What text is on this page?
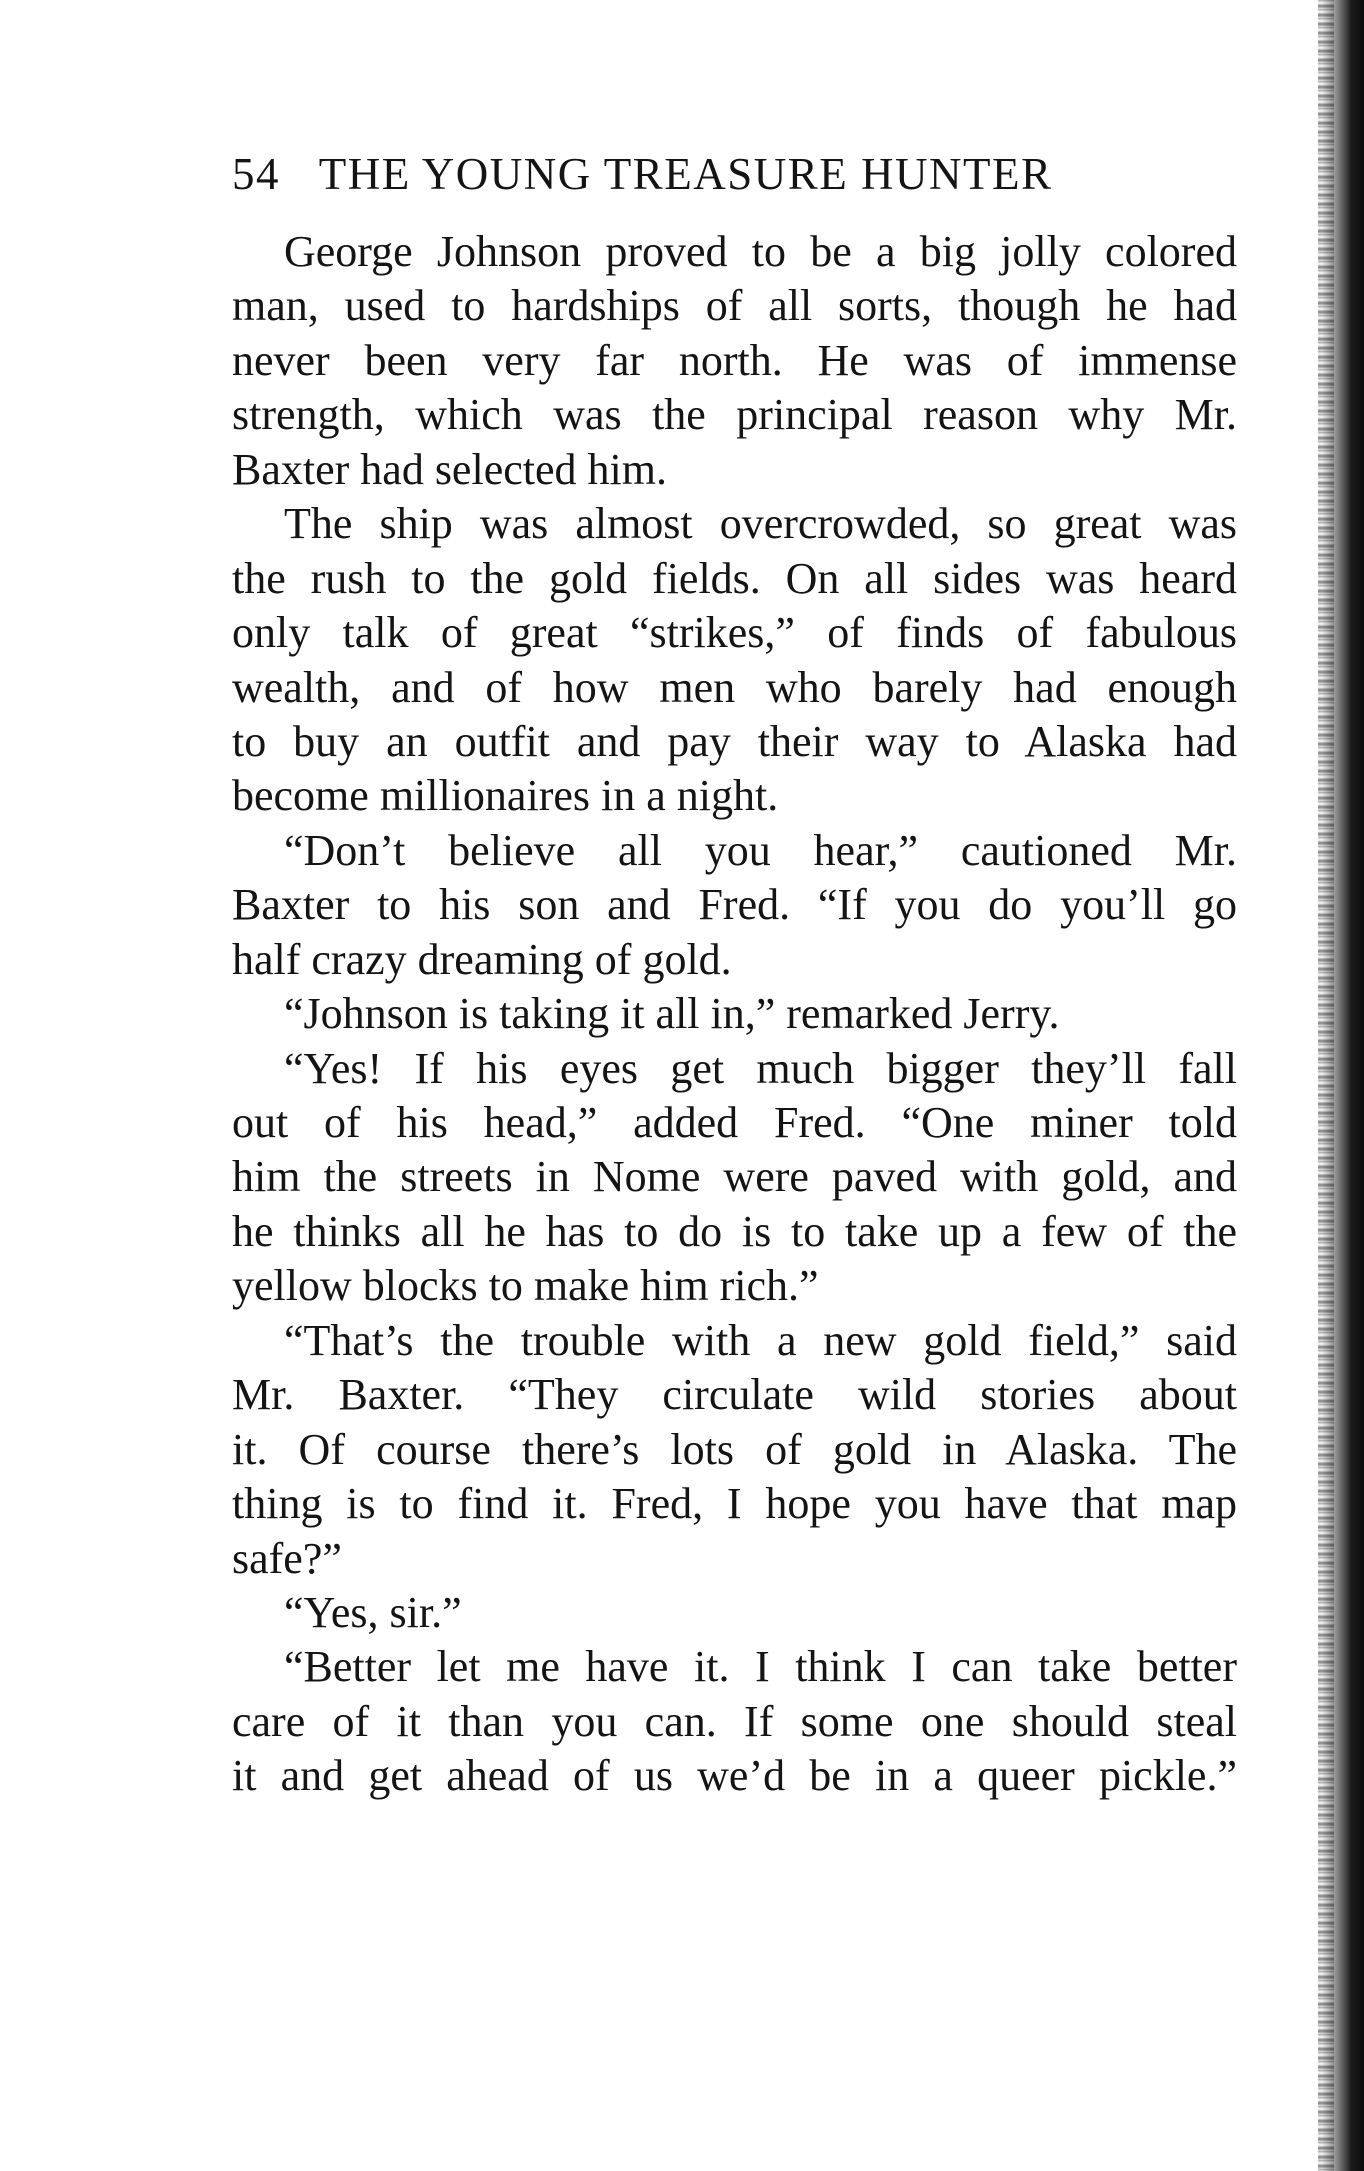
54 THE YOUNG TREASURE HUNTER
George Johnson proved to be a big jolly colored
man, used to hardships of all sorts, though he had
never been very far north. He was of immense
strength, which was the principal reason why Mr.
Baxter had selected him.
The ship was almost overcrowded, so great was
the rush to the gold fields. On all sides was heard
only talk of great “strikes,” of finds of fabulous
wealth, and of how men who barely had enough
to buy an outfit and pay their way to Alaska had
become millionaires in a night.
“Don’t believe all you hear,” cautioned Mr.
Baxter to his son and Fred. “If you do you’ll go
half crazy dreaming of gold.
“Johnson is taking it all in,” remarked Jerry.
“Yes! If his eyes get much bigger they’ll fall
out of his head,” added Fred. “One miner told
him the streets in Nome were paved with gold, and
he thinks all he has to do is to take up a few of the
yellow blocks to make him rich.”
“That’s the trouble with a new gold field,” said
Mr. Baxter. “They circulate wild stories about
it. Of course there’s lots of gold in Alaska. The
thing is to find it. Fred, I hope you have that map
safe?”
“Yes, sir.”
“Better let me have it. I think I can take better
care of it than you can. If some one should steal
it and get ahead of us we’d be in a queer pickle.”
